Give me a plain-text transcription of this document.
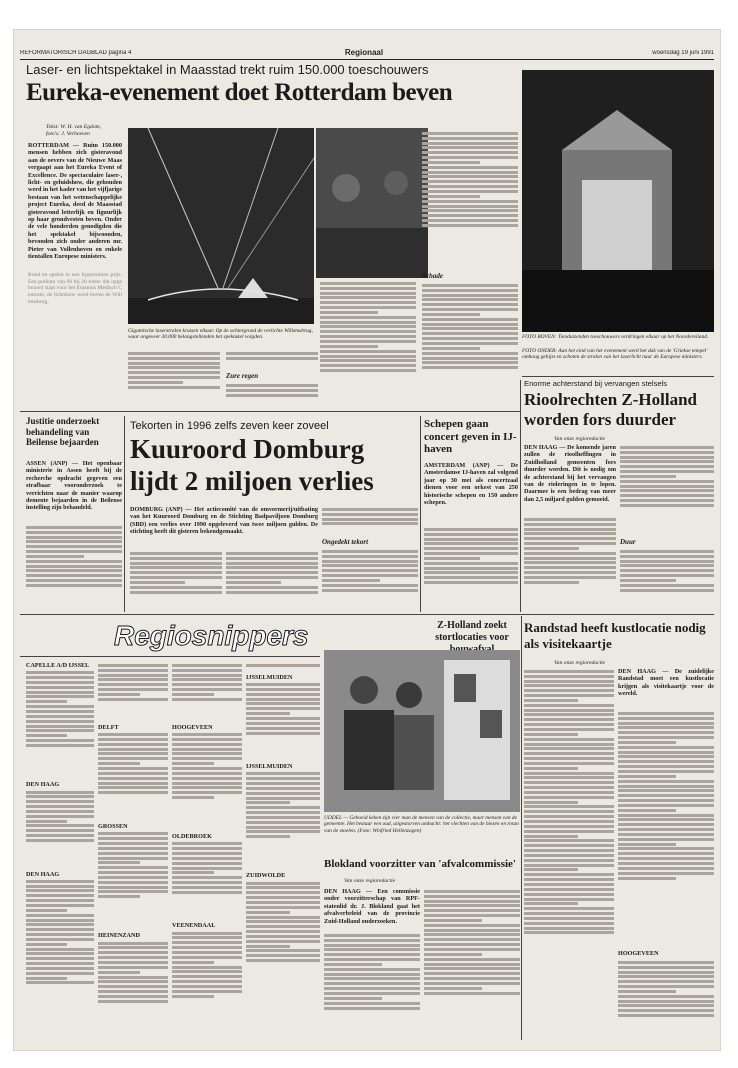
REFORMATORISCH DAGBLAD pagina 4	Regionaal	woensdag 19 juni 1991
Laser- en lichtspektakel in Maasstad trekt ruim 150.000 toeschouwers
Eureka-evenement doet Rotterdam beven
Tekst: W. H. van Egdom,
foto's: J. Verhoeven
ROTTERDAM — Ruim 150.000 mensen hebben zich gisteravond aan de oevers van de Nieuwe Maas vergaapt aan het Eureka Event of Excellence. De spectaculaire laser-, licht- en geluidshow, die gehouden werd in het kader van het vijfjarige bestaan van het wetenschappelijke project Eureka, deed de Maasstad gisteravond letterlijk en figuurlijk op haar grondvesten beven. Onder de vele honderden genodigden die het spektakel bijwoonden, bevonden zich onder anderen mr. Pieter van Vollenhoven en enkele tientallen Europese ministers.
Rond en spelen in een hyperromen prijs. Een podium van 60 bij 20 meter dat opgebouwd staat voor het Erasmus Medisch Centrum, de lichtshow werd boven de Willemsbrug.
Gigantische laserstralen kruisen elkaar. Op de achtergrond de verlichte Willemsbrug, waar ongeveer 30.000 belangstellenden het spektakel volgden.
Zure regen
Schade
FOTO BOVEN: Tienduizenden toeschouwers verdringen elkaar op het Noordereiland.
FOTO ONDER: Aan het eind van het evenement werd het dak van de 'Griekse tempel' omhoog gehijst en schoten de stralen van het laserlicht naar de Europese ministers.
Enorme achterstand bij vervangen stelsels
Rioolrechten Z-Holland worden fors duurder
Van onze regioredactie
DEN HAAG — De komende jaren zullen de rioolheffingen in Zuidholland gemeenten fors duurder worden. Dit is nodig om de achterstand bij het vervangen van de rioleringen in te lopen. Daarmee is een bedrag van meer dan 2,5 miljard gulden gemoeid.
Duur
Justitie onderzoekt behandeling van Beilense bejaarden
ASSEN (ANP) — Het openbaar ministerie in Assen heeft bij de recherche opdracht gegeven een strafbaar vooronderzoek te verrichten naar de manier waarop demente bejaarden in de Beilense instelling zijn behandeld.
Tekorten in 1996 zelfs zeven keer zoveel
Kuuroord Domburg
lijdt 2 miljoen verlies
DOMBURG (ANP) — Het actiecomité van de omvormerij/uitbating van het Kuuroord Domburg en de Stichting Badpaviljoen Domburg (SBD) een verlies over 1990 opgeleverd van twee miljoen gulden. De stichting heeft dit gisteren bekendgemaakt.
Ongedekt tekort
Schepen gaan concert geven in IJ-haven
AMSTERDAM (ANP) — De Amsterdamse IJ-haven zal volgend jaar op 30 mei als concertzaal dienen voor een orkest van 250 historische schepen en 150 andere schepen.
Z-Holland zoekt stortlocaties voor
Randstad heeft kustlocatie nodig als visitekaartje
Van onze regioredactie
DEN HAAG — De zuidelijke Randstad moet een kustlocatie krijgen als visitekaartje voor de wereld.
HOOGEVEEN
Regiosnippers
CAPELLE A/D IJSSEL
DEN HAAG
DEN HAAG
DELFT
GROSSEN
HEINENZAND
HOOGEVEEN
OLDEBROEK
VEENENDAAL
IJSSELMUIDEN
IJSSELMUIDEN
ZUIDWOLDE
UDDEL — Geboeid keken zijn vier man de mensen van de collectie, maar mensen van de gemeente. Het bestuur een oud, uitgestorven ambacht: het vlechten van de biezen en rotan van de stoelen. (Foto: Winfried Hellenzagen)
Blokland voorzitter van 'afvalcommissie'
Van onze regioredactie
DEN HAAG — Een commissie onder voorzitterschap van RPF-statenlid dr. J. Blokland gaat het afvalverbeleid van de provincie Zuid-Holland onderzoeken.
